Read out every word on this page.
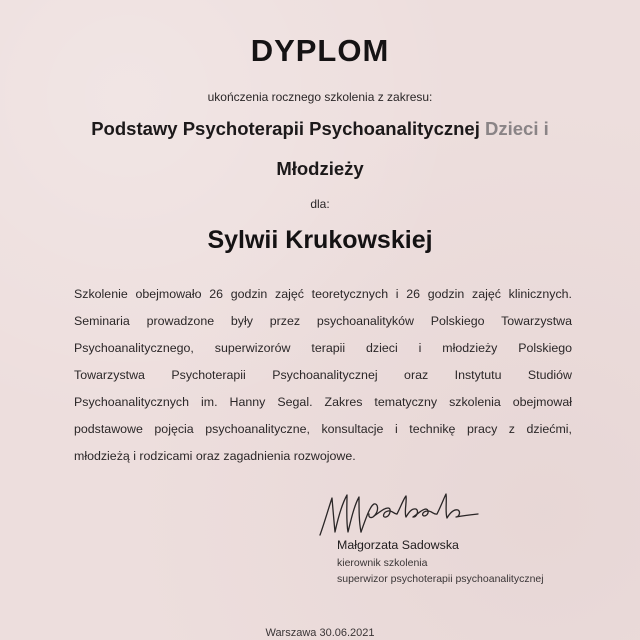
DYPLOM

ukończenia rocznego szkolenia z zakresu:

Podstawy Psychoterapii Psychoanalitycznej Dzieci i

Młodzieży

dla:

Sylwii Krukowskiej

Szkolenie obejmowało 26 godzin zajęć teoretycznych i 26 godzin zajęć klinicznych.
Seminaria prowadzone były przez psychoanalityków Polskiego Towarzystwa
Psychoanalitycznego, superwizorów terapii dzieci i młodzieży Polskiego
Towarzystwa Psychoterapii Psychoanalitycznej oraz Instytutu Studiów
Psychoanalitycznych im. Hanny Segal. Zakres tematyczny szkolenia obejmował
podstawowe pojęcia psychoanalityczne, konsultacje i technikę pracy z dziećmi,
młodzieżą i rodzicami oraz zagadnienia rozwojowe.

Małgorzata Sadowska

kierownik szkolenia

superwizor psychoterapii psychoanalitycznej

Warszawa 30.06.2021
